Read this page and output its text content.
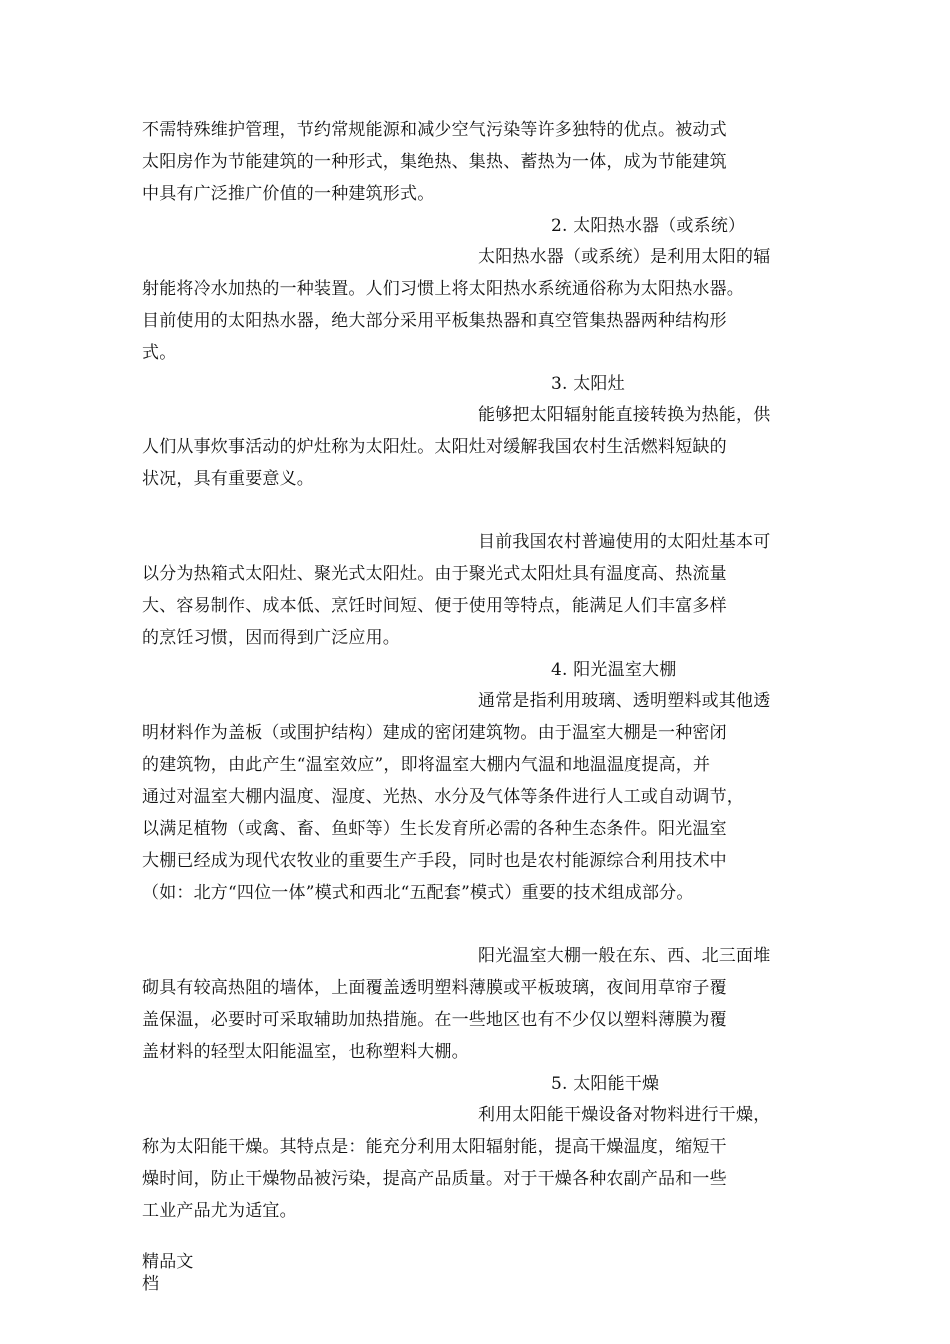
不需特殊维护管理，节约常规能源和减少空气污染等许多独特的优点。被动式
太阳房作为节能建筑的一种形式，集绝热、集热、蓄热为一体，成为节能建筑
中具有广泛推广价值的一种建筑形式。
2. 太阳热水器（或系统）
太阳热水器（或系统）是利用太阳的辐
射能将冷水加热的一种装置。人们习惯上将太阳热水系统通俗称为太阳热水器。
目前使用的太阳热水器，绝大部分采用平板集热器和真空管集热器两种结构形
式。
3. 太阳灶
能够把太阳辐射能直接转换为热能，供
人们从事炊事活动的炉灶称为太阳灶。太阳灶对缓解我国农村生活燃料短缺的
状况，具有重要意义。
目前我国农村普遍使用的太阳灶基本可
以分为热箱式太阳灶、聚光式太阳灶。由于聚光式太阳灶具有温度高、热流量
大、容易制作、成本低、烹饪时间短、便于使用等特点，能满足人们丰富多样
的烹饪习惯，因而得到广泛应用。
4. 阳光温室大棚
通常是指利用玻璃、透明塑料或其他透
明材料作为盖板（或围护结构）建成的密闭建筑物。由于温室大棚是一种密闭
的建筑物，由此产生“温室效应”，即将温室大棚内气温和地温温度提高，并
通过对温室大棚内温度、湿度、光热、水分及气体等条件进行人工或自动调节，
以满足植物（或禽、畜、鱼虾等）生长发育所必需的各种生态条件。阳光温室
大棚已经成为现代农牧业的重要生产手段，同时也是农村能源综合利用技术中
（如：北方“四位一体”模式和西北“五配套”模式）重要的技术组成部分。
阳光温室大棚一般在东、西、北三面堆
砌具有较高热阻的墙体，上面覆盖透明塑料薄膜或平板玻璃，夜间用草帘子覆
盖保温，必要时可采取辅助加热措施。在一些地区也有不少仅以塑料薄膜为覆
盖材料的轻型太阳能温室，也称塑料大棚。
5. 太阳能干燥
利用太阳能干燥设备对物料进行干燥，
称为太阳能干燥。其特点是：能充分利用太阳辐射能，提高干燥温度，缩短干
燥时间，防止干燥物品被污染，提高产品质量。对于干燥各种农副产品和一些
工业产品尤为适宜。
精品文
档
